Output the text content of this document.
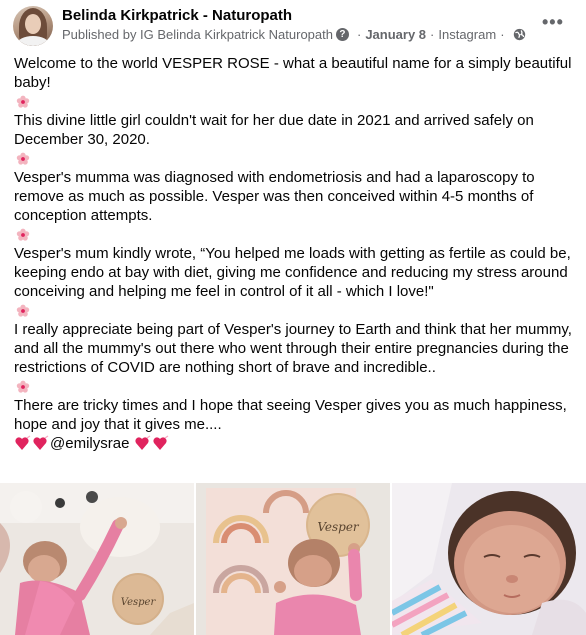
Belinda Kirkpatrick - Naturopath
Published by IG Belinda Kirkpatrick Naturopath ? · January 8 · Instagram ·
•••

Welcome to the world VESPER ROSE - what a beautiful name for a simply beautiful baby!

This divine little girl couldn't wait for her due date in 2021 and arrived safely on December 30, 2020.

Vesper's mumma was diagnosed with endometriosis and had a laparoscopy to remove as much as possible. Vesper was then conceived within 4-5 months of conception attempts.

Vesper's mum kindly wrote, “You helped me loads with getting as fertile as could be, keeping endo at bay with diet, giving me confidence and reducing my stress around conceiving and helping me feel in control of it all - which I love!"

I really appreciate being part of Vesper's journey to Earth and think that her mummy, and all the mummy's out there who went through their entire pregnancies during the restrictions of COVID are nothing short of brave and incredible..

There are tricky times and I hope that seeing Vesper gives you as much happiness, hope and joy that it gives me....

@emilysrae

Vesper
Vesper
